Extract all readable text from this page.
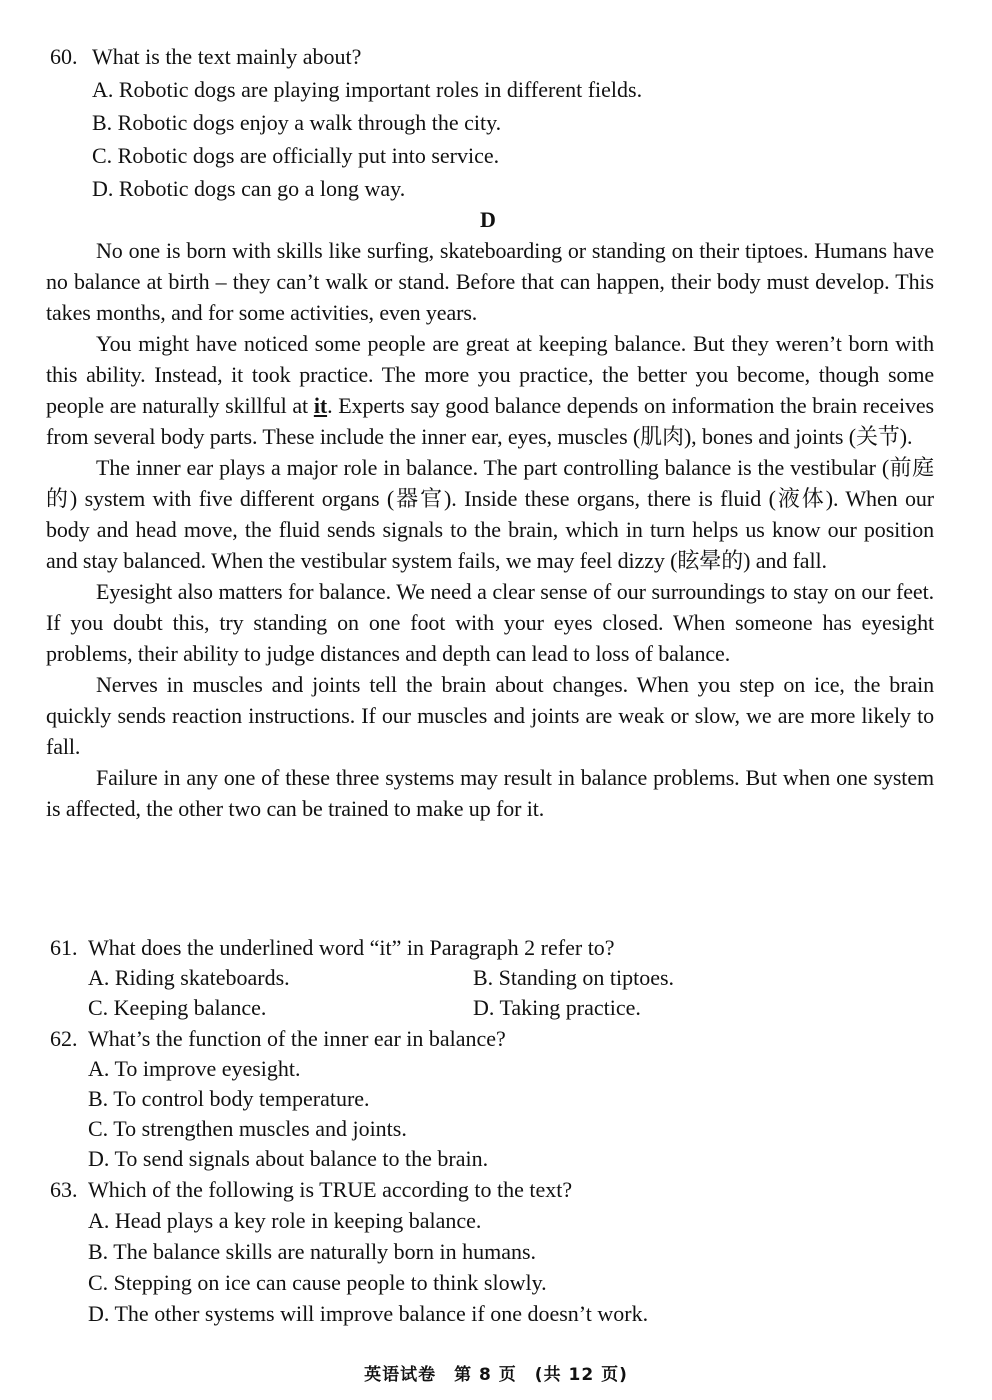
60. What is the text mainly about?
A. Robotic dogs are playing important roles in different fields.
B. Robotic dogs enjoy a walk through the city.
C. Robotic dogs are officially put into service.
D. Robotic dogs can go a long way.
D

No one is born with skills like surfing, skateboarding or standing on their tiptoes. Humans have no balance at birth – they can’t walk or stand. Before that can happen, their body must develop. This takes months, and for some activities, even years.

You might have noticed some people are great at keeping balance. But they weren’t born with this ability. Instead, it took practice. The more you practice, the better you become, though some people are naturally skillful at it. Experts say good balance depends on information the brain receives from several body parts. These include the inner ear, eyes, muscles (肌肉), bones and joints (关节).

The inner ear plays a major role in balance. The part controlling balance is the vestibular (前庭的) system with five different organs (器官). Inside these organs, there is fluid (液体). When our body and head move, the fluid sends signals to the brain, which in turn helps us know our position and stay balanced. When the vestibular system fails, we may feel dizzy (眩晕的) and fall.

Eyesight also matters for balance. We need a clear sense of our surroundings to stay on our feet. If you doubt this, try standing on one foot with your eyes closed. When someone has eyesight problems, their ability to judge distances and depth can lead to loss of balance.

Nerves in muscles and joints tell the brain about changes. When you step on ice, the brain quickly sends reaction instructions. If our muscles and joints are weak or slow, we are more likely to fall.

Failure in any one of these three systems may result in balance problems. But when one system is affected, the other two can be trained to make up for it.

61. What does the underlined word “it” in Paragraph 2 refer to?
A. Riding skateboards.	B. Standing on tiptoes.
C. Keeping balance.	D. Taking practice.
62. What’s the function of the inner ear in balance?
A. To improve eyesight.
B. To control body temperature.
C. To strengthen muscles and joints.
D. To send signals about balance to the brain.
63. Which of the following is TRUE according to the text?
A. Head plays a key role in keeping balance.
B. The balance skills are naturally born in humans.
C. Stepping on ice can cause people to think slowly.
D. The other systems will improve balance if one doesn’t work.
英语试卷　第 8 页　(共 12 页)
